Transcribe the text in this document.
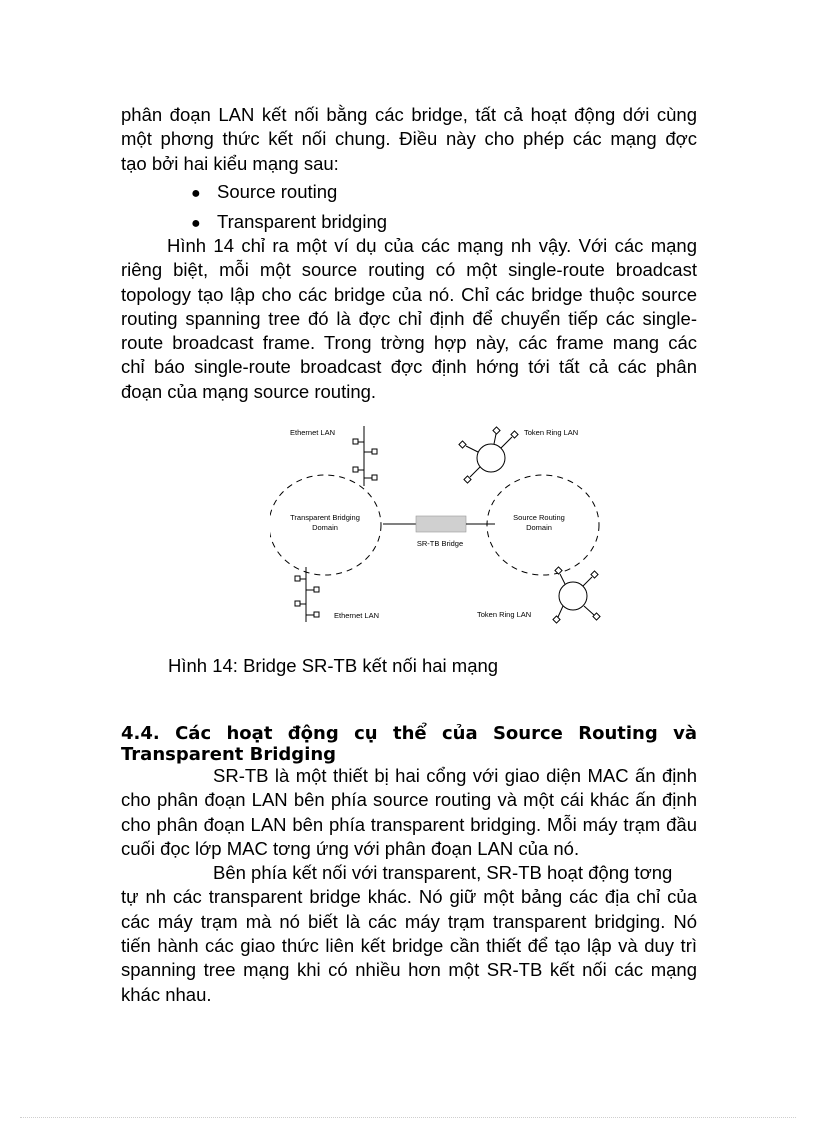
phân đoạn LAN kết nối bằng các bridge, tất cả hoạt động dới cùng
một phơng thức kết nối chung. Điều này cho phép các mạng đợc
tạo bởi hai kiểu mạng sau:
● Source routing
● Transparent bridging
Hình 14 chỉ ra một ví dụ của các mạng nh vậy. Với các mạng
riêng biệt, mỗi một source routing có một single-route broadcast
topology tạo lập cho các bridge của nó. Chỉ các bridge thuộc source
routing spanning tree đó là đợc chỉ định để chuyển tiếp các single-
route broadcast frame. Trong trờng hợp này, các frame mang các
chỉ báo single-route broadcast đợc định hớng tới tất cả các phân
đoạn của mạng source routing.
Transparent Bridging
Domain
Source Routing
Domain
SR-TB Bridge
Ethernet LAN
Ethernet LAN
Token Ring LAN
Token Ring LAN
Hình 14: Bridge SR-TB kết nối hai mạng
4.4. Các hoạt động cụ thể của Source Routing và
Transparent Bridging
SR-TB là một thiết bị hai cổng với giao diện MAC ấn định
cho phân đoạn LAN bên phía source routing và một cái khác ấn định
cho phân đoạn LAN bên phía transparent bridging. Mỗi máy trạm đầu
cuối đọc lớp MAC tơng ứng với phân đoạn LAN của nó.
Bên phía kết nối với transparent, SR-TB hoạt động tơng
tự nh các transparent bridge khác. Nó giữ một bảng các địa chỉ của
các máy trạm mà nó biết là các máy trạm transparent bridging. Nó
tiến hành các giao thức liên kết bridge cần thiết để tạo lập và duy trì
spanning tree mạng khi có nhiều hơn một SR-TB kết nối các mạng
khác nhau.
